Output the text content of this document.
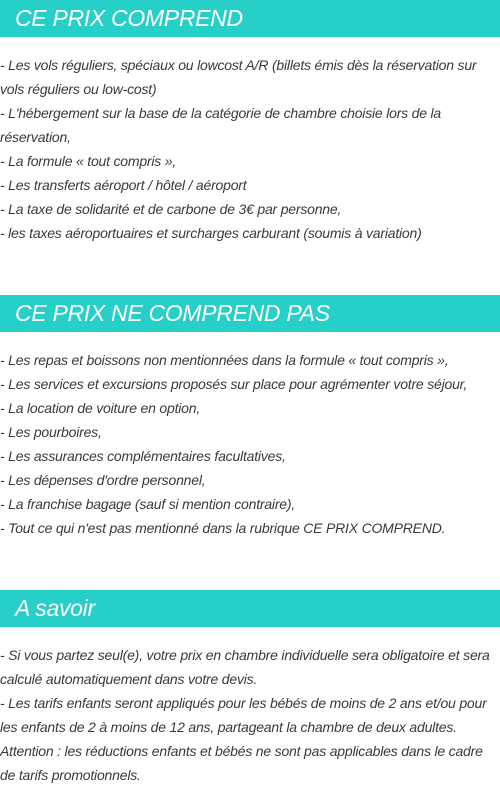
CE PRIX COMPREND
- Les vols réguliers, spéciaux ou lowcost A/R (billets émis dès la réservation sur vols réguliers ou low-cost)
- L'hébergement sur la base de la catégorie de chambre choisie lors de la réservation,
- La formule « tout compris »,
- Les transferts aéroport / hôtel / aéroport
- La taxe de solidarité et de carbone de 3€ par personne,
- les taxes aéroportuaires et surcharges carburant (soumis à variation)
CE PRIX NE COMPREND PAS
- Les repas et boissons non mentionnées dans la formule « tout compris »,
- Les services et excursions proposés sur place pour agrémenter votre séjour,
- La location de voiture en option,
- Les pourboires,
- Les assurances complémentaires facultatives,
- Les dépenses d'ordre personnel,
- La franchise bagage (sauf si mention contraire),
- Tout ce qui n'est pas mentionné dans la rubrique CE PRIX COMPREND.
A savoir
- Si vous partez seul(e), votre prix en chambre individuelle sera obligatoire et sera calculé automatiquement dans votre devis.
- Les tarifs enfants seront appliqués pour les bébés de moins de 2 ans et/ou pour les enfants de 2 à moins de 12 ans, partageant la chambre de deux adultes.
Attention : les réductions enfants et bébés ne sont pas applicables dans le cadre de tarifs promotionnels.
